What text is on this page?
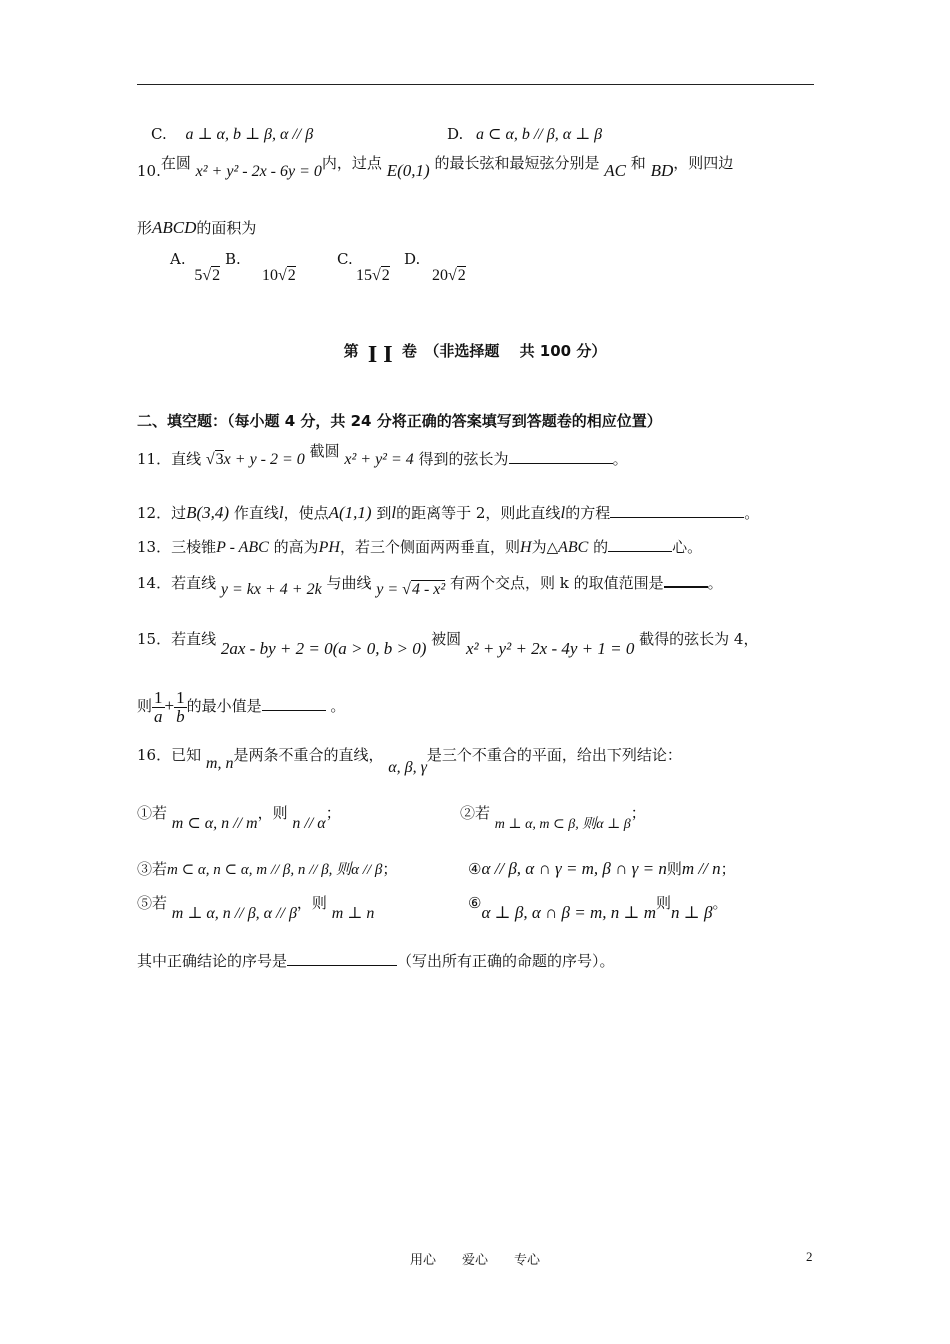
C. a ⊥ α, b ⊥ β, α // β	D. a ⊂ α, b // β, α ⊥ β
10.在圆 x² + y² - 2x - 6y = 0内，过点 E(0,1) 的最长弦和最短弦分别是 AC 和 BD，则四边
形ABCD的面积为
A. 5√2 B.
10√2
C.
15√2
D.
20√2
第 I I 卷　（非选择题　 共 100 分）
二、填空题：（每小题 4 分，共 24 分将正确的答案填写到答题卷的相应位置）
11．直线 √3x + y - 2 = 0 截圆 x² + y² = 4 得到的弦长为	。
12．过B(3,4) 作直线l，使点A(1,1) 到l的距离等于 2，则此直线l的方程	。
13．三棱锥P - ABC 的高为PH，若三个侧面两两垂直，则H为△ABC 的	心。
14．若直线 y = kx + 4 + 2k 与曲线 y = √4 - x² 有两个交点，则 k 的取值范围是	。
15．若直线 2ax - by + 2 = 0(a > 0, b > 0) 被圆 x² + y² + 2x - 4y + 1 = 0 截得的弦长为 4，
则 $\frac{1}{a} + \frac{1}{b}$ 的最小值是	。
16．已知 m, n是两条不重合的直线， α, β, γ是三个不重合的平面，给出下列结论：
①若 m ⊂ α, n // m，则 n // α；	②若 m ⊥ α, m ⊂ β, 则α ⊥ β；
③若m ⊂ α, n ⊂ α, m // β, n // β, 则α // β；	④α // β, α ∩ γ = m, β ∩ γ = n则m // n；
⑤若 m ⊥ α, n // β, α // β，则 m ⊥ n
⑥α ⊥ β, α ∩ β = m, n ⊥ m则n ⊥ β。
其中正确结论的序号是	（写出所有正确的命题的序号）。
用心　　爱心　　专心	2
